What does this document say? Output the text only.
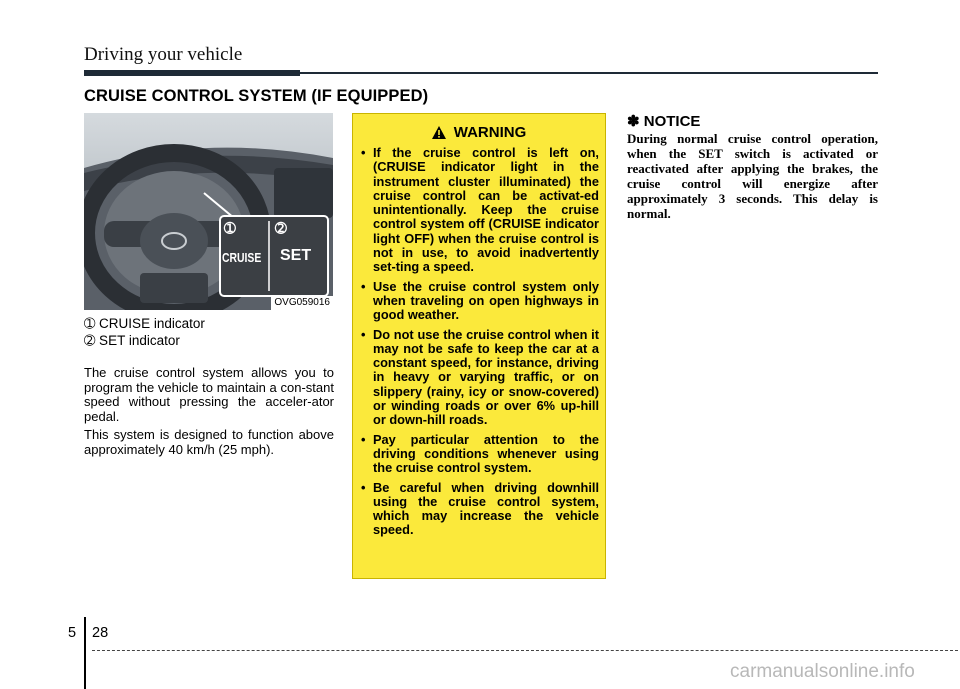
Driving your vehicle
CRUISE CONTROL SYSTEM (IF EQUIPPED)
➀	➁
CRUISE SET
OVG059016
➀ CRUISE indicator
➁ SET indicator

The cruise control system allows you to program the vehicle to maintain a con-stant speed without pressing the acceler-ator pedal.

This system is designed to function above approximately 40 km/h (25 mph).

WARNING
• If the cruise control is left on, (CRUISE indicator light in the instrument cluster illuminated) the cruise control can be activat-ed unintentionally. Keep the cruise control system off (CRUISE indicator light OFF) when the cruise control is not in use, to avoid inadvertently set-ting a speed.
• Use the cruise control system only when traveling on open highways in good weather.
• Do not use the cruise control when it may not be safe to keep the car at a constant speed, for instance, driving in heavy or varying traffic, or on slippery (rainy, icy or snow-covered) or winding roads or over 6% up-hill or down-hill roads.
• Pay particular attention to the driving conditions whenever using the cruise control system.
• Be careful when driving downhill using the cruise control system, which may increase the vehicle speed.
✽ NOTICE
During normal cruise control operation, when the SET switch is activated or reactivated after applying the brakes, the cruise control will energize after approximately 3 seconds. This delay is normal.
5 28
carmanualsonline.info
